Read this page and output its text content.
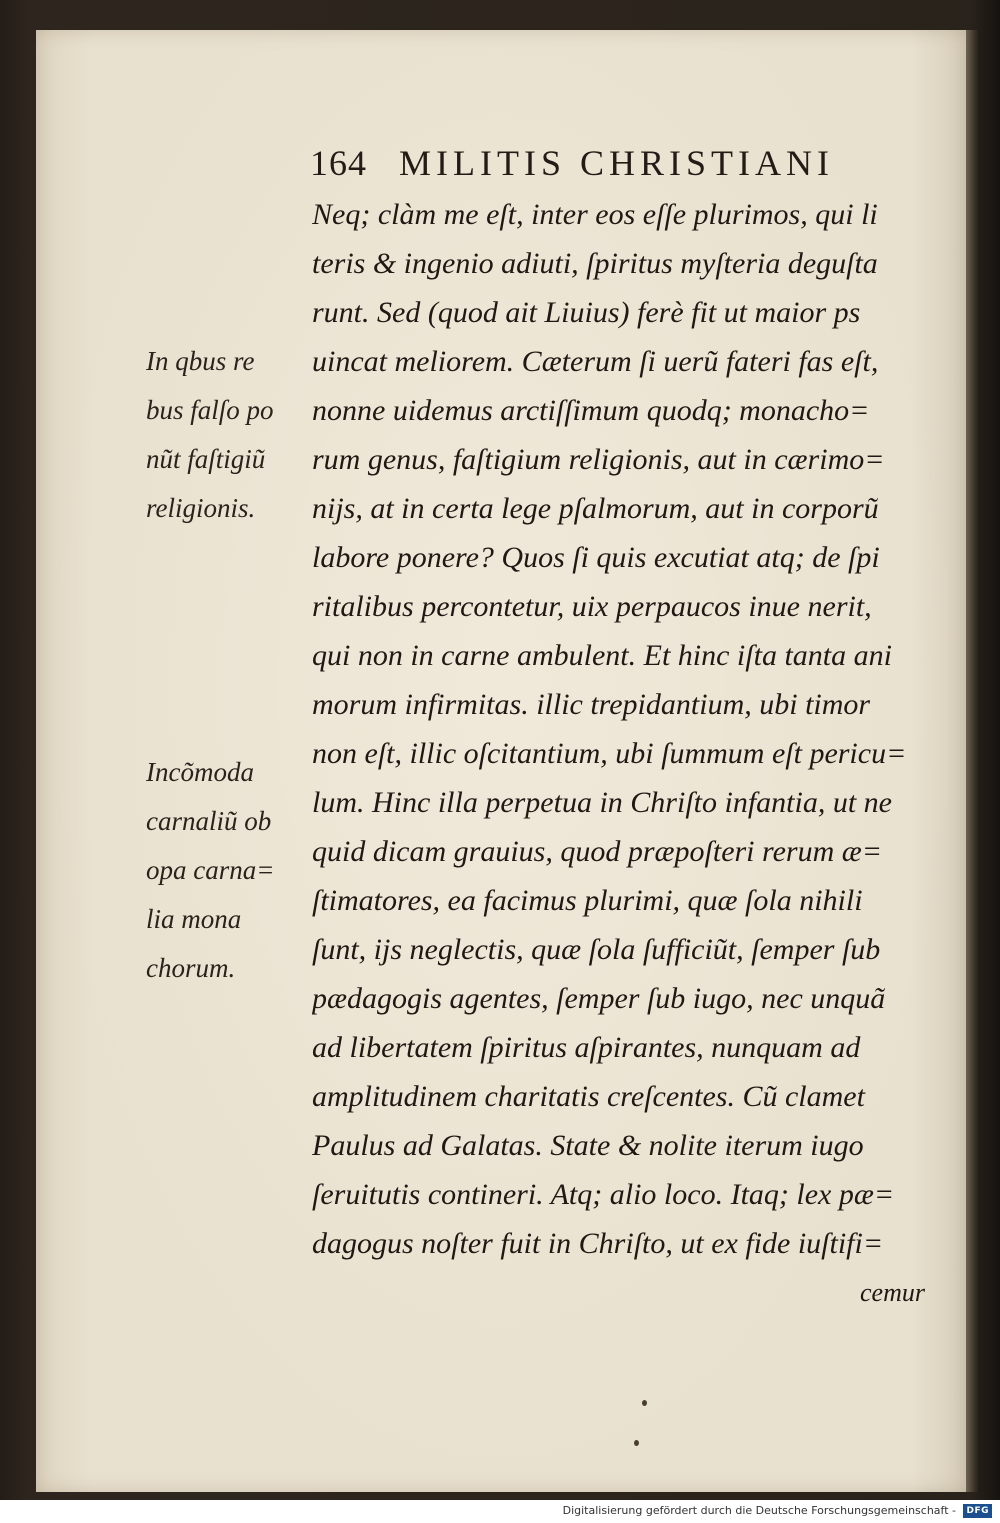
164 MILITIS CHRISTIANI
Neq; clàm me eſt, inter eos eſſe plurimos, qui li
teris & ingenio adiuti, ſpiritus myſteria deguſta
runt. Sed (quod ait Liuius) ferè fit ut maior ps
uincat meliorem. Cæterum ſi uerũ fateri fas eſt,
nonne uidemus arctiſſimum quodq; monacho=
rum genus, faſtigium religionis, aut in cærimo=
nijs, at in certa lege pſalmorum, aut in corporũ
labore ponere? Quos ſi quis excutiat atq; de ſpi
ritalibus percontetur, uix perpaucos inue nerit,
qui non in carne ambulent. Et hinc iſta tanta ani
morum infirmitas. illic trepidantium, ubi timor
non eſt, illic oſcitantium, ubi ſummum eſt pericu=
lum. Hinc illa perpetua in Chriſto infantia, ut ne
quid dicam grauius, quod præpoſteri rerum æ=
ſtimatores, ea facimus plurimi, quæ ſola nihili
ſunt, ijs neglectis, quæ ſola ſufficiũt, ſemper ſub
pædagogis agentes, ſemper ſub iugo, nec unquã
ad libertatem ſpiritus aſpirantes, nunquam ad
amplitudinem charitatis creſcentes. Cũ clamet
Paulus ad Galatas. State & nolite iterum iugo
ſeruitutis contineri. Atq; alio loco. Itaq; lex pæ=
dagogus noſter fuit in Chriſto, ut ex fide iuſtifi=
cemur
In qbus re
bus falſo po
nũt faſtigiũ
religionis.
Incõmoda
carnaliũ ob
opa carna=
lia mona
chorum.
Digitalisierung gefördert durch die Deutsche Forschungsgemeinschaft -	DFG
